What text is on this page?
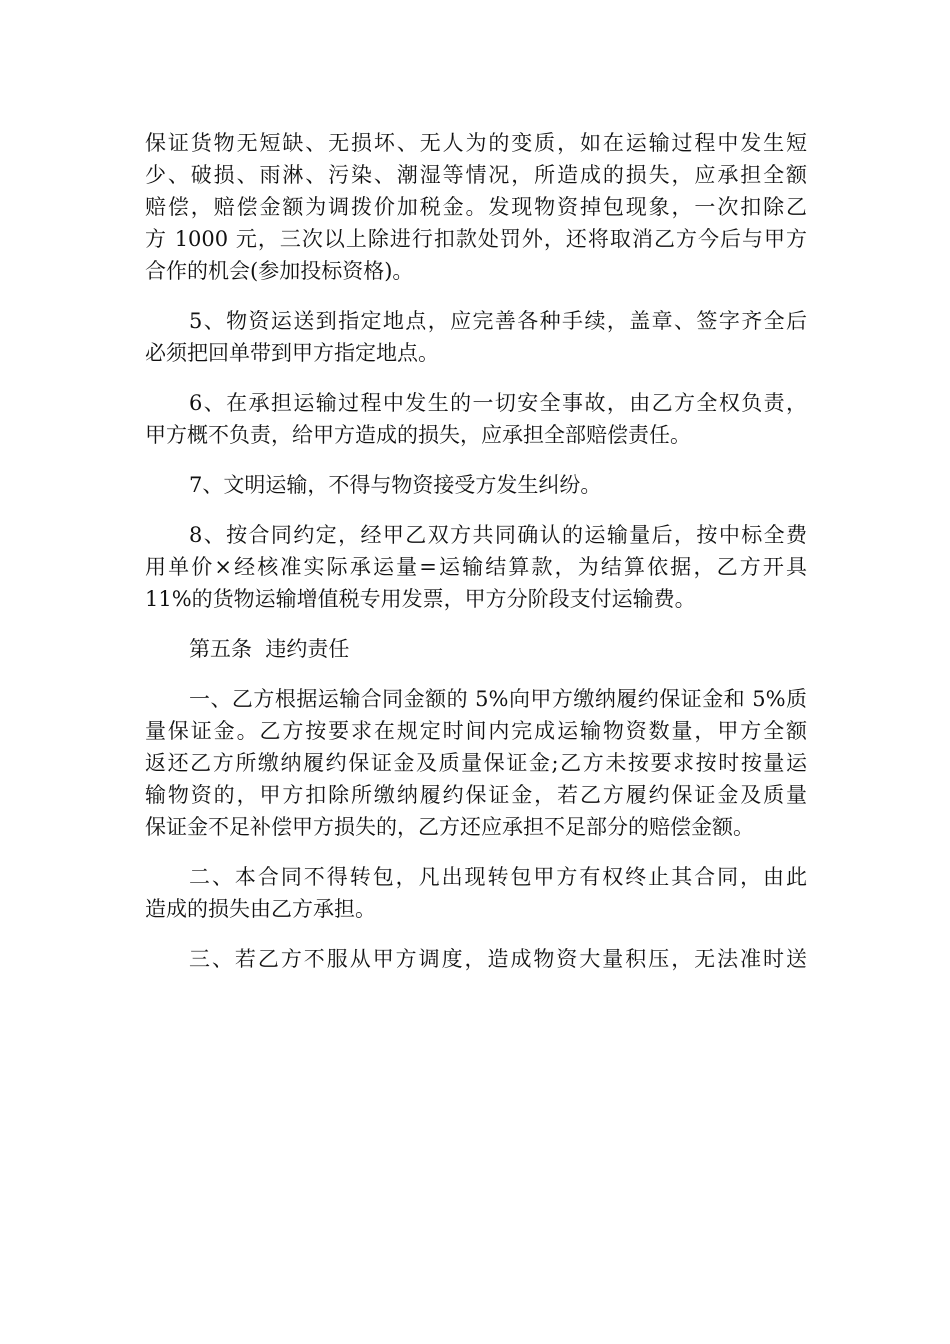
保证货物无短缺、无损坏、无人为的变质，如在运输过程中发生短
少、破损、雨淋、污染、潮湿等情况，所造成的损失，应承担全额
赔偿，赔偿金额为调拨价加税金。发现物资掉包现象，一次扣除乙
方 1000 元，三次以上除进行扣款处罚外，还将取消乙方今后与甲方
合作的机会(参加投标资格)。
5、物资运送到指定地点，应完善各种手续，盖章、签字齐全后
必须把回单带到甲方指定地点。
6、在承担运输过程中发生的一切安全事故，由乙方全权负责，
甲方概不负责，给甲方造成的损失，应承担全部赔偿责任。
7、文明运输，不得与物资接受方发生纠纷。
8、按合同约定，经甲乙双方共同确认的运输量后，按中标全费
用单价×经核准实际承运量=运输结算款，为结算依据，乙方开具
11%的货物运输增值税专用发票，甲方分阶段支付运输费。
第五条  违约责任
一、乙方根据运输合同金额的 5%向甲方缴纳履约保证金和 5%质
量保证金。乙方按要求在规定时间内完成运输物资数量，甲方全额
返还乙方所缴纳履约保证金及质量保证金;乙方未按要求按时按量运
输物资的，甲方扣除所缴纳履约保证金，若乙方履约保证金及质量
保证金不足补偿甲方损失的，乙方还应承担不足部分的赔偿金额。
二、本合同不得转包，凡出现转包甲方有权终止其合同，由此
造成的损失由乙方承担。
三、若乙方不服从甲方调度，造成物资大量积压，无法准时送
